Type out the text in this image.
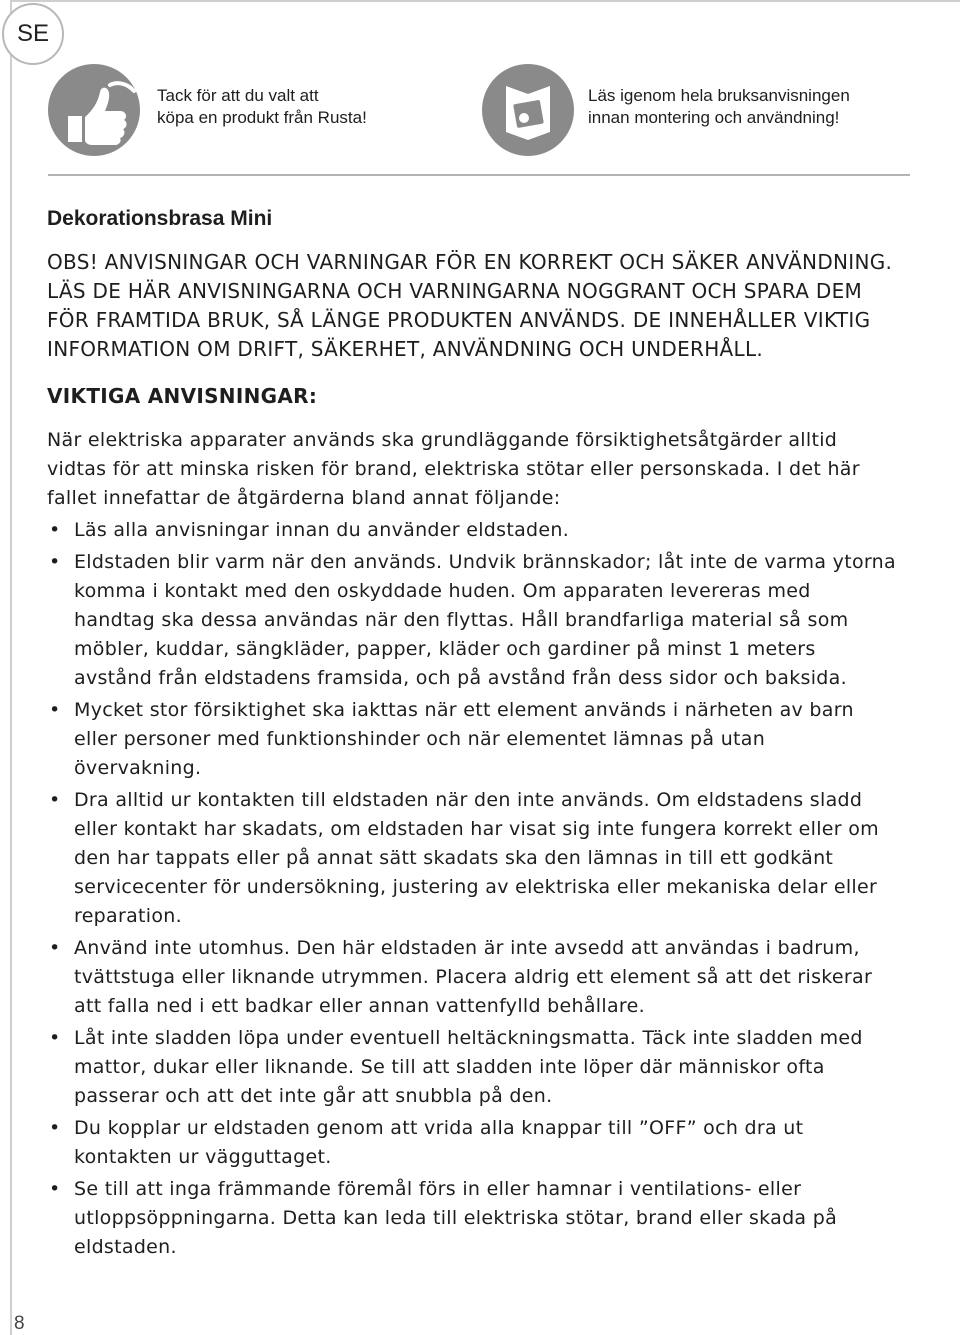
SE
Tack för att du valt att
köpa en produkt från Rusta!
Läs igenom hela bruksanvisningen
innan montering och användning!
Dekorationsbrasa Mini

OBS! ANVISNINGAR OCH VARNINGAR FÖR EN KORREKT OCH SÄKER ANVÄNDNING. LÄS DE HÄR ANVISNINGARNA OCH VARNINGARNA NOGGRANT OCH SPARA DEM FÖR FRAMTIDA BRUK, SÅ LÄNGE PRODUKTEN ANVÄNDS. DE INNEHÅLLER VIKTIG INFORMATION OM DRIFT, SÄKERHET, ANVÄNDNING OCH UNDERHÅLL.

VIKTIGA ANVISNINGAR:

När elektriska apparater används ska grundläggande försiktighetsåtgärder alltid vidtas för att minska risken för brand, elektriska stötar eller personskada. I det här fallet innefattar de åtgärderna bland annat följande:

• Läs alla anvisningar innan du använder eldstaden.
• Eldstaden blir varm när den används. Undvik brännskador; låt inte de varma ytorna komma i kontakt med den oskyddade huden. Om apparaten levereras med handtag ska dessa användas när den flyttas. Håll brandfarliga material så som möbler, kuddar, sängkläder, papper, kläder och gardiner på minst 1 meters avstånd från eldstadens framsida, och på avstånd från dess sidor och baksida.
• Mycket stor försiktighet ska iakttas när ett element används i närheten av barn eller personer med funktionshinder och när elementet lämnas på utan övervakning.
• Dra alltid ur kontakten till eldstaden när den inte används. Om eldstadens sladd eller kontakt har skadats, om eldstaden har visat sig inte fungera korrekt eller om den har tappats eller på annat sätt skadats ska den lämnas in till ett godkänt servicecenter för undersökning, justering av elektriska eller mekaniska delar eller reparation.
• Använd inte utomhus. Den här eldstaden är inte avsedd att användas i badrum, tvättstuga eller liknande utrymmen. Placera aldrig ett element så att det riskerar att falla ned i ett badkar eller annan vattenfylld behållare.
• Låt inte sladden löpa under eventuell heltäckningsmatta. Täck inte sladden med mattor, dukar eller liknande. Se till att sladden inte löper där människor ofta passerar och att det inte går att snubbla på den.
• Du kopplar ur eldstaden genom att vrida alla knappar till ”OFF” och dra ut kontakten ur vägguttaget.
• Se till att inga främmande föremål förs in eller hamnar i ventilations- eller utloppsöppningarna. Detta kan leda till elektriska stötar, brand eller skada på eldstaden.
8
